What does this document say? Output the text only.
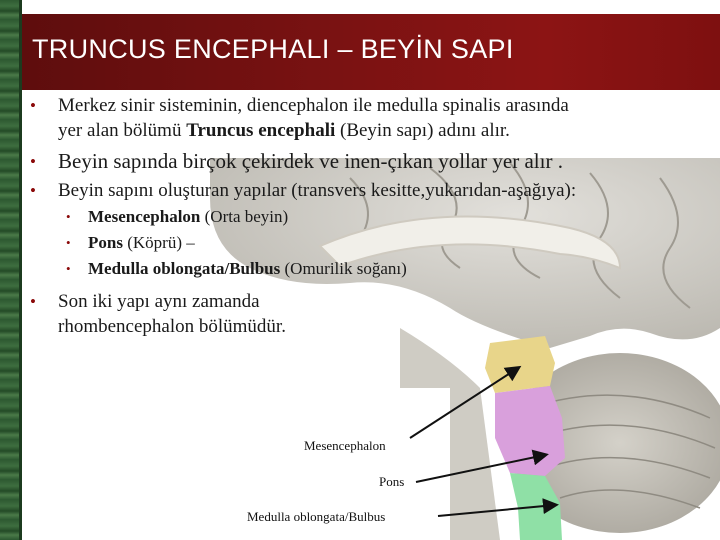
TRUNCUS ENCEPHALI – BEYİN SAPI
• Merkez sinir sisteminin, diencephalon ile medulla spinalis arasında
yer alan bölümü Truncus encephali (Beyin sapı) adını alır.
• Beyin sapında birçok çekirdek ve inen-çıkan yollar yer alır .
• Beyin sapını oluşturan yapılar (transvers kesitte,yukarıdan-aşağıya):
• Mesencephalon (Orta beyin)
• Pons (Köprü) –
• Medulla oblongata/Bulbus (Omurilik soğanı)
• Son iki yapı aynı zamanda
rhombencephalon bölümüdür.
Mesencephalon
Pons
Medulla oblongata/Bulbus
